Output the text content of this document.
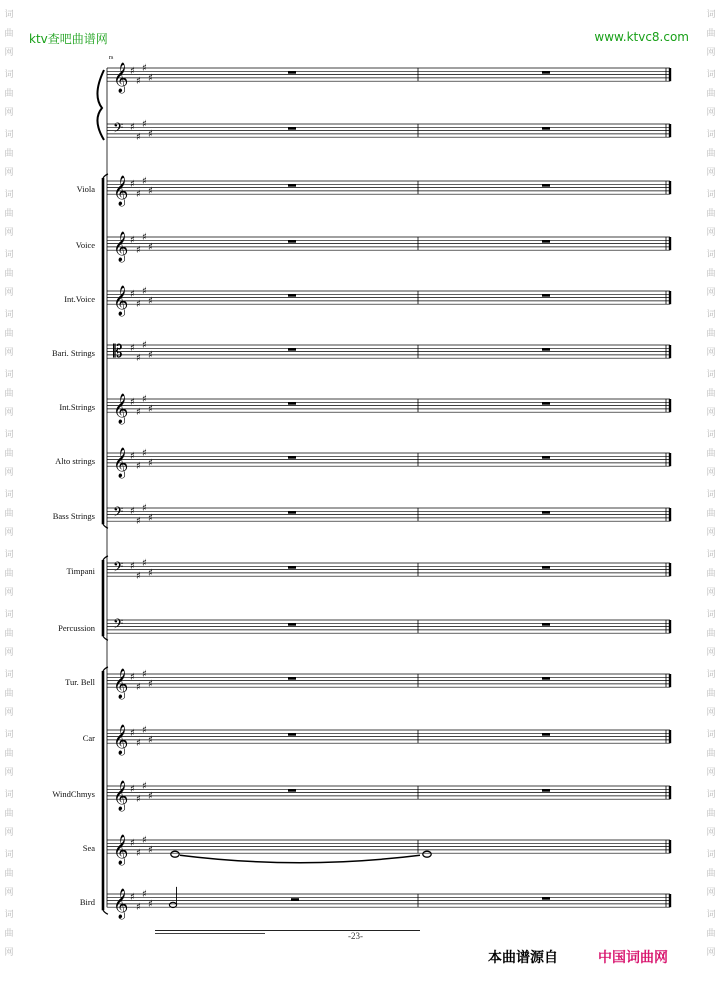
词
曲
网
词
曲
网
词
曲
网
词
曲
网
词
曲
网
词
曲
网
词
曲
网
词
曲
网
词
曲
网
词
曲
网
词
曲
网
词
曲
网
词
曲
网
词
曲
网
词
曲
网
词
曲
网
词
曲
网
词
曲
网
词
曲
网
词
曲
网
词
曲
网
词
曲
网
词
曲
网
词
曲
网
词
曲
网
词
曲
网
词
曲
网
词
曲
网
词
曲
网
词
曲
网
词
曲
网
词
曲
网
ktv查吧曲谱网	www.ktvc8.com
rs
𝄞 ♯
♯
♯
♯
𝄢 ♯
♯
♯
♯
𝄞 ♯
♯
♯
♯
𝄞 ♯
♯
♯
♯
𝄞 ♯
♯
♯
♯
𝄡 ♯
♯
♯
♯
𝄞 ♯
♯
♯
♯
𝄞 ♯
♯
♯
♯
𝄢 ♯
♯
♯
♯
𝄢 ♯
♯
♯
♯
𝄢
𝄞 ♯
♯
♯
♯
𝄞 ♯
♯
♯
♯
𝄞 ♯
♯
♯
♯
𝄞 ♯
♯
♯
♯
𝄞 ♯
♯
♯
♯
Viola
Voice
Int.Voice
Bari. Strings
Int.Strings
Alto strings
Bass Strings
Timpani
Percussion
Tur. Bell
Car
WindChmys
Sea
Bird
-23-
本曲谱源自	中国词曲网
